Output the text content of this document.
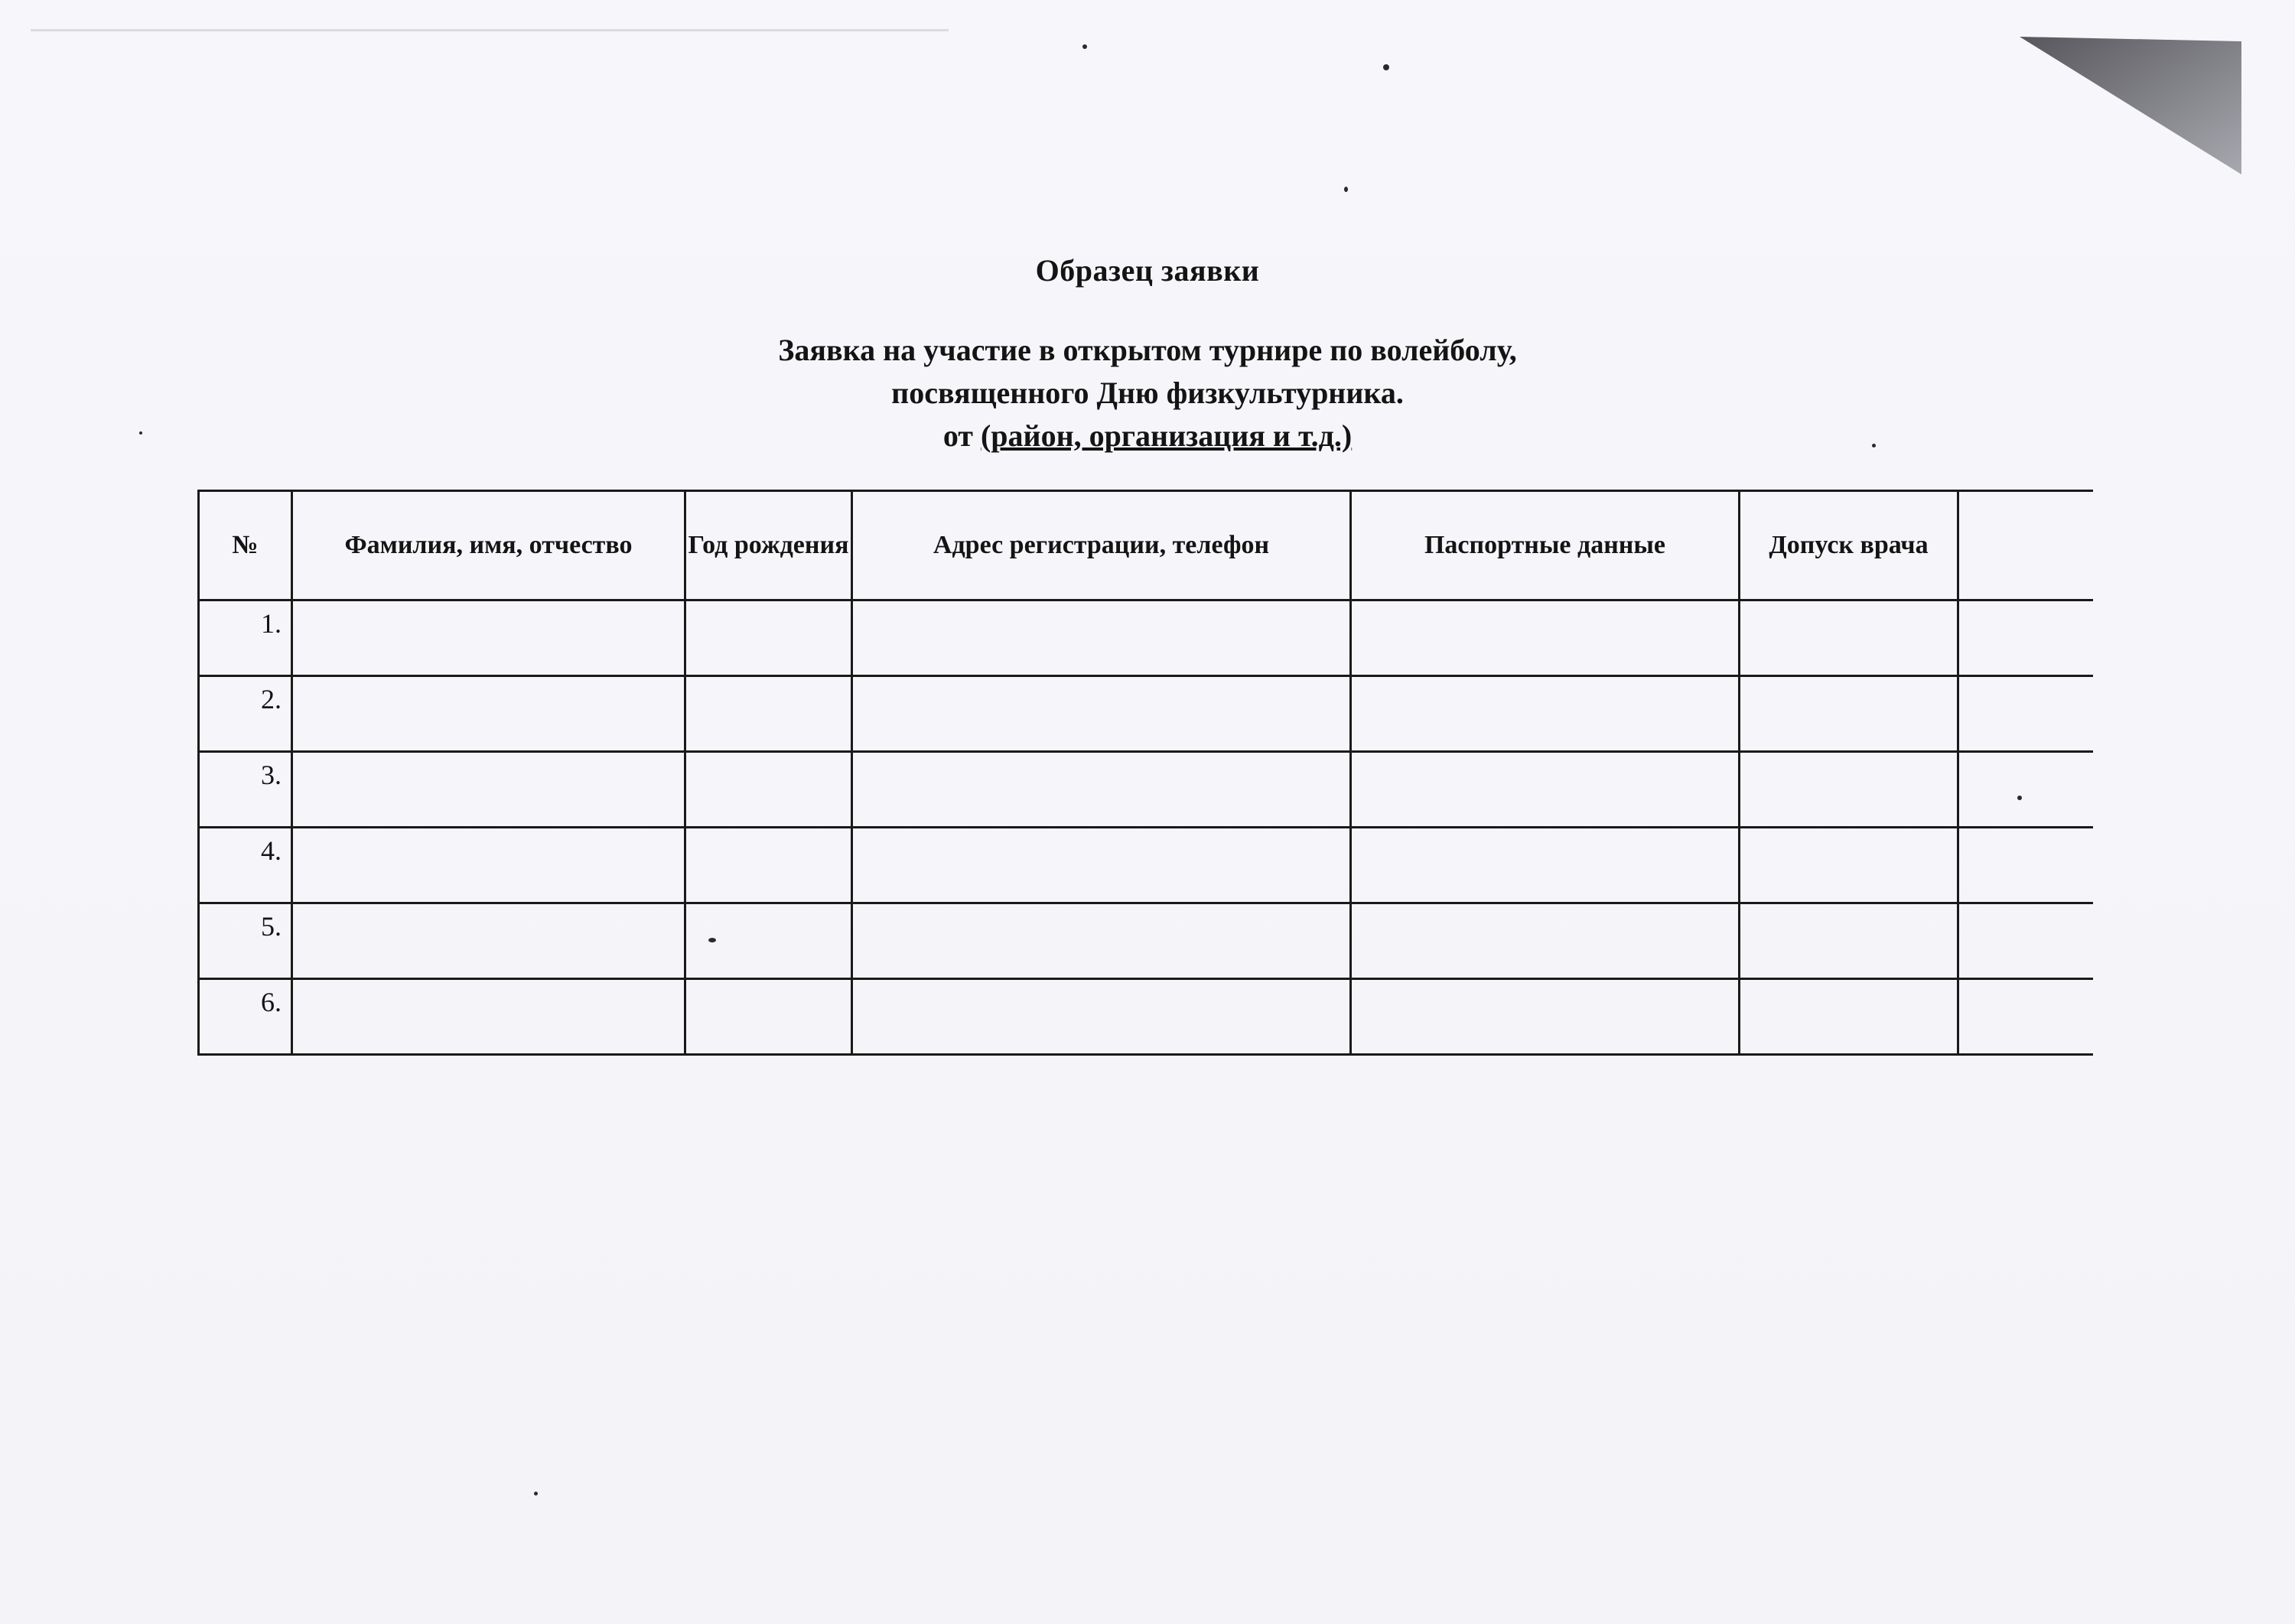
Образец заявки
Заявка на участие в открытом турнире по волейболу,
посвященного Дню физкультурника.
от (район, организация и т.д.)
№	Фамилия, имя, отчество	Год рождения	Адрес регистрации, телефон	Паспортные данные	Допуск врача	
1.						
2.						
3.						
4.						
5.						
6.						
